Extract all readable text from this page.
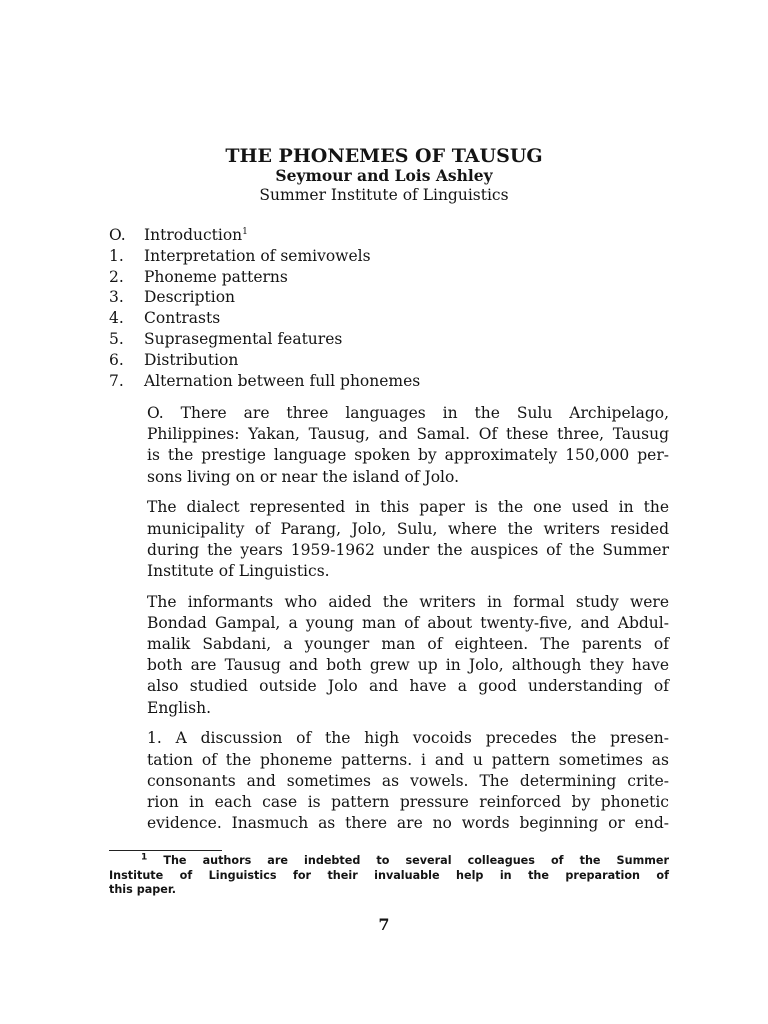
THE PHONEMES OF TAUSUG
Seymour and Lois Ashley
Summer Institute of Linguistics
O.	Introduction$^1$
1.	Interpretation of semivowels
2.	Phoneme patterns
3.	Description
4.	Contrasts
5.	Suprasegmental features
6.	Distribution
7.	Alternation between full phonemes

O. There are three languages in the Sulu Archipelago,
Philippines: Yakan, Tausug, and Samal. Of these three, Tausug
is the prestige language spoken by approximately 150,000 per-
sons living on or near the island of Jolo.

The dialect represented in this paper is the one used in the
municipality of Parang, Jolo, Sulu, where the writers resided
during the years 1959-1962 under the auspices of the Summer
Institute of Linguistics.

The informants who aided the writers in formal study were
Bondad Gampal, a young man of about twenty-five, and Abdul-
malik Sabdani, a younger man of eighteen. The parents of
both are Tausug and both grew up in Jolo, although they have
also studied outside Jolo and have a good understanding of
English.

1. A discussion of the high vocoids precedes the presen-
tation of the phoneme patterns. i and u pattern sometimes as
consonants and sometimes as vowels. The determining crite-
rion in each case is pattern pressure reinforced by phonetic
evidence. Inasmuch as there are no words beginning or end-

$^1$ The authors are indebted to several colleagues of the Summer
Institute of Linguistics for their invaluable help in the preparation of
this paper.
7
